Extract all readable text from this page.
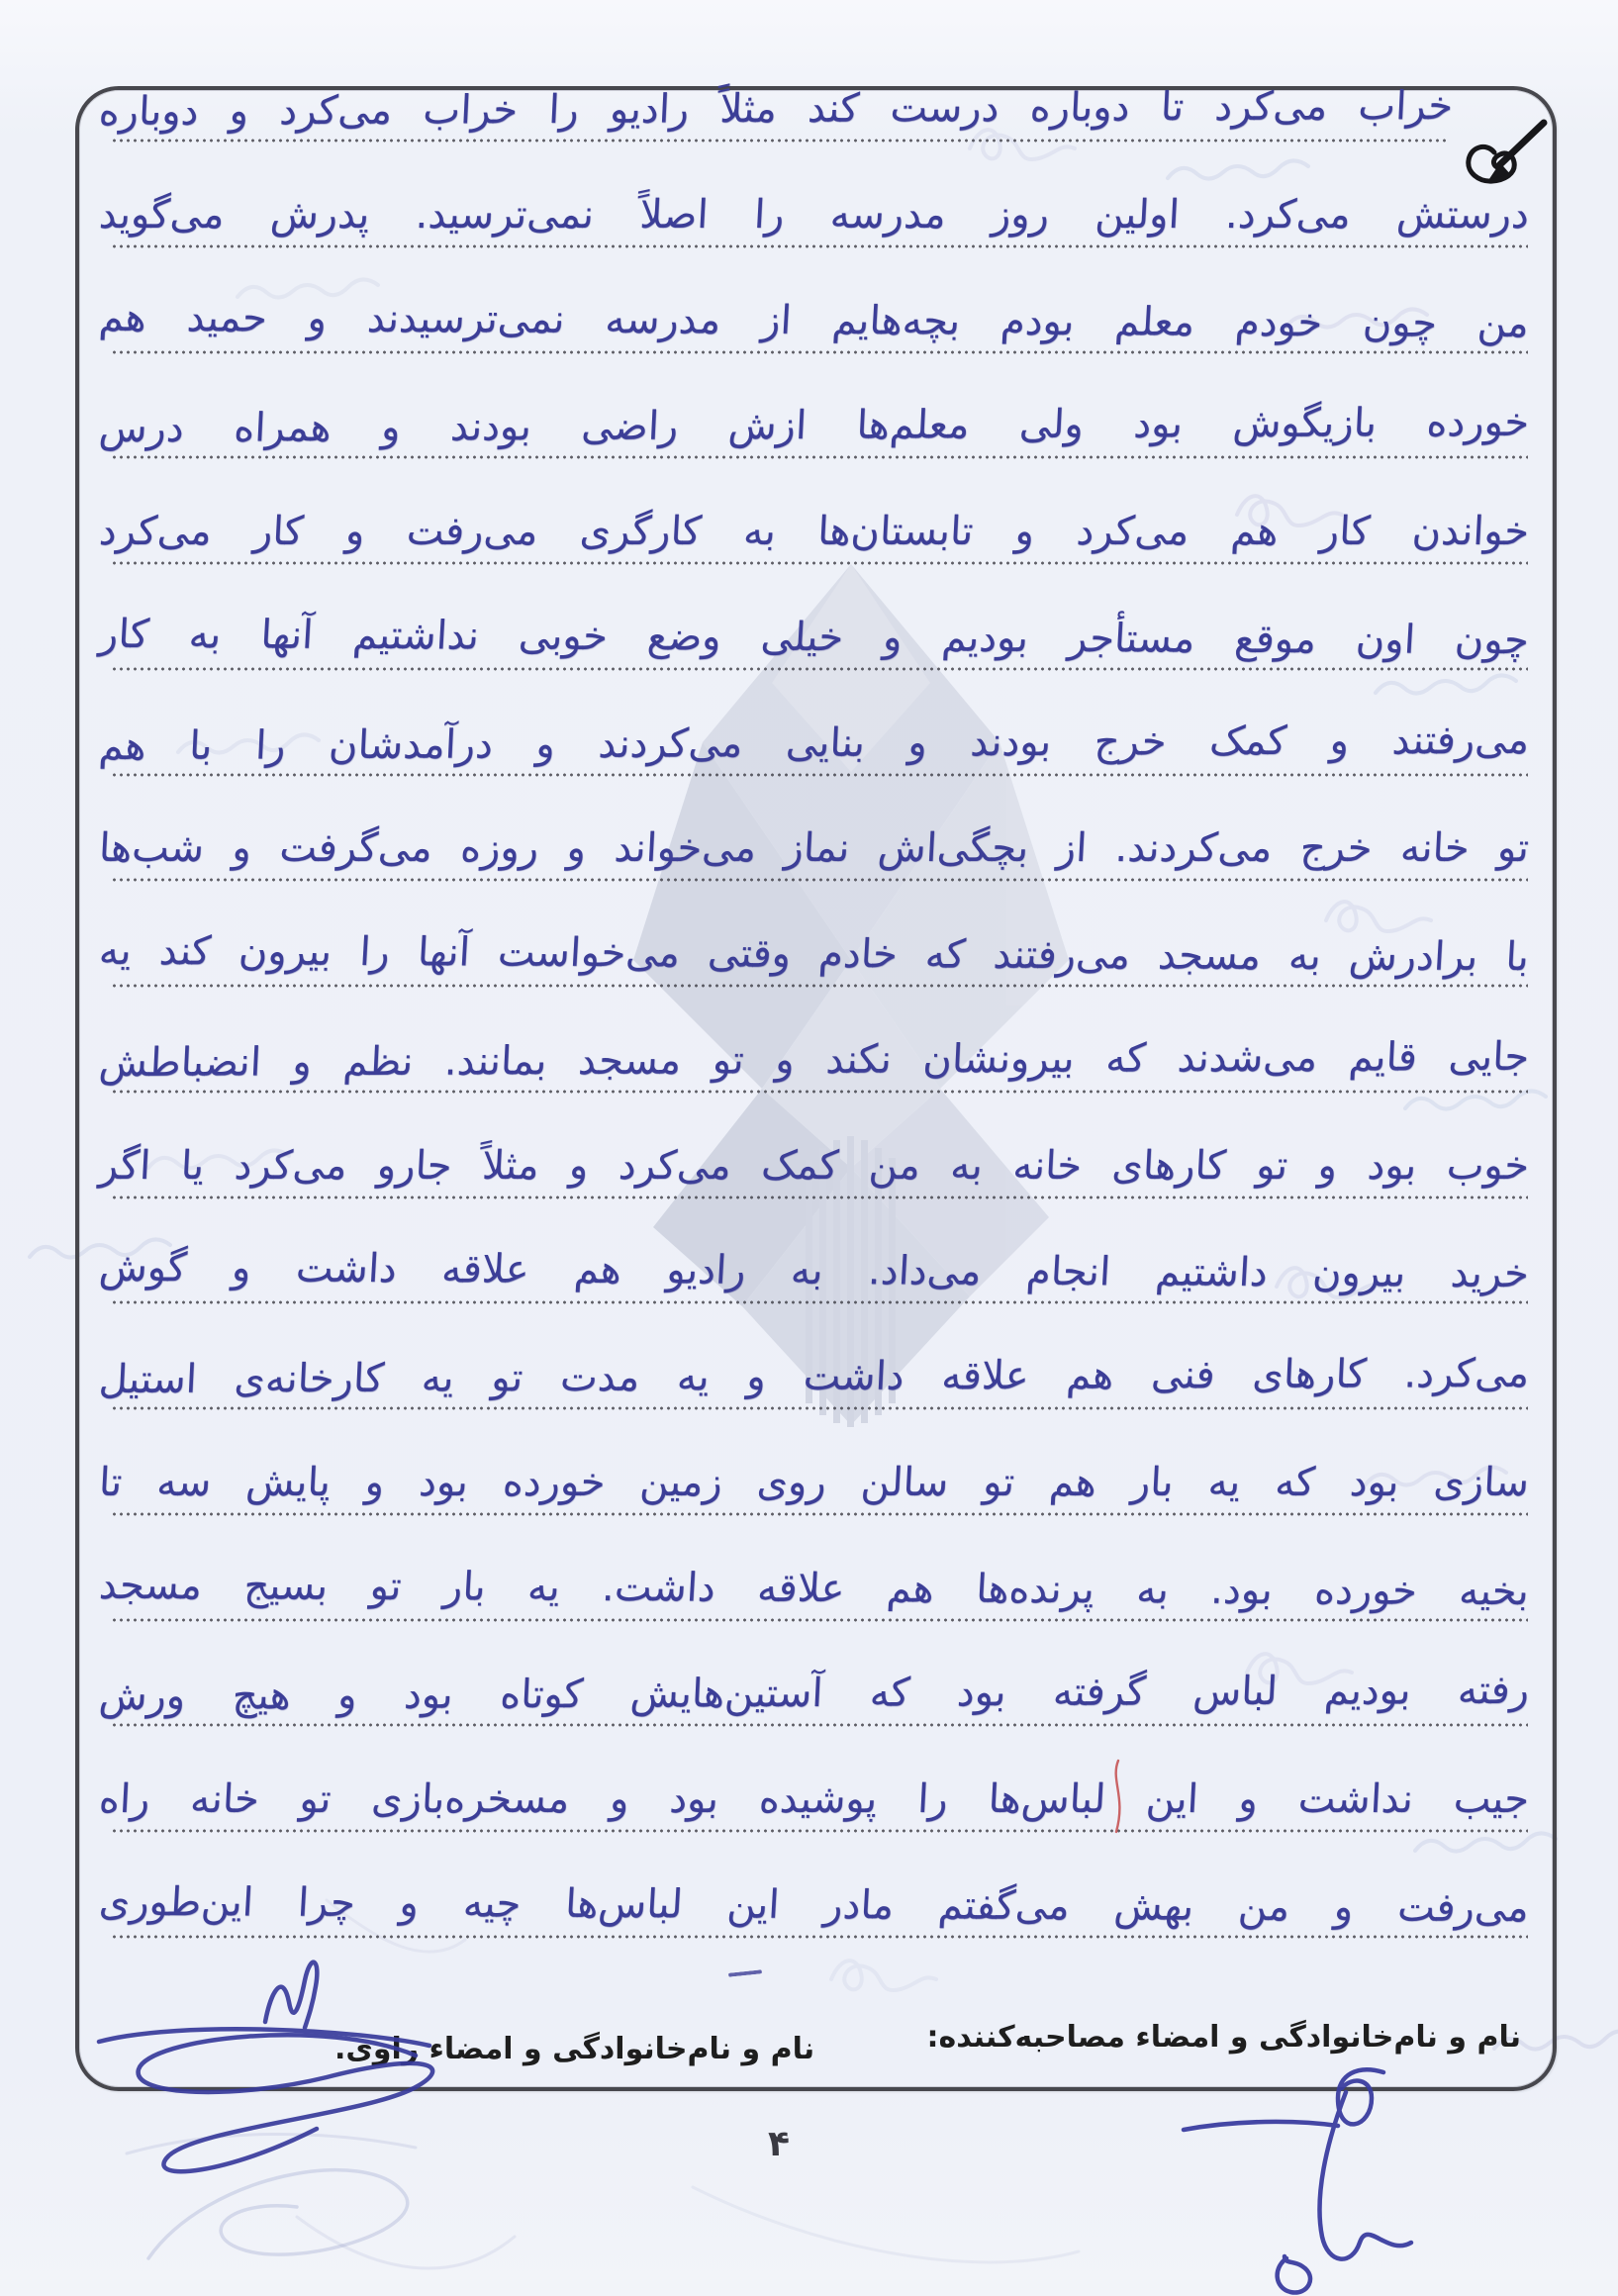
خراب می‌کرد تا دوباره درست کند مثلاً رادیو را خراب می‌کرد و دوباره
درستش می‌کرد. اولین روز مدرسه را اصلاً نمی‌ترسید. پدرش می‌گوید
من چون خودم معلم بودم بچه‌هایم از مدرسه نمی‌ترسیدند و حمید هم
خورده بازیگوش بود ولی معلم‌ها ازش راضی بودند و همراه درس
خواندن کار هم می‌کرد و تابستان‌ها به کارگری می‌رفت و کار می‌کرد
چون اون موقع مستأجر بودیم و خیلی وضع خوبی نداشتیم آنها به کار
می‌رفتند و کمک خرج بودند و بنایی می‌کردند و درآمدشان را با هم
تو خانه خرج می‌کردند. از بچگی‌اش نماز می‌خواند و روزه می‌گرفت و شب‌ها
با برادرش به مسجد می‌رفتند که خادم وقتی می‌خواست آنها را بیرون کند یه
جایی قایم می‌شدند که بیرونشان نکند و تو مسجد بمانند. نظم و انضباطش
خوب بود و تو کارهای خانه به من کمک می‌کرد و مثلاً جارو می‌کرد یا اگر
خرید بیرون داشتیم انجام می‌داد. به رادیو هم علاقه داشت و گوش
می‌کرد. کارهای فنی هم علاقه داشت و یه مدت تو یه کارخانه‌ی استیل
سازی بود که یه بار هم تو سالن روی زمین خورده بود و پایش سه تا
بخیه خورده بود. به پرنده‌ها هم علاقه داشت. یه بار تو بسیج مسجد
رفته بودیم لباس گرفته بود که آستین‌هایش کوتاه بود و هیچ ورش
جیب نداشت و این لباس‌ها را پوشیده بود و مسخره‌بازی تو خانه راه
می‌رفت و من بهش می‌گفتم مادر این لباس‌ها چیه و چرا این‌طوری
نام و نام‌خانوادگی و امضاء مصاحبه‌کننده:
نام و نام‌خانوادگی و امضاء راوی.
۴
